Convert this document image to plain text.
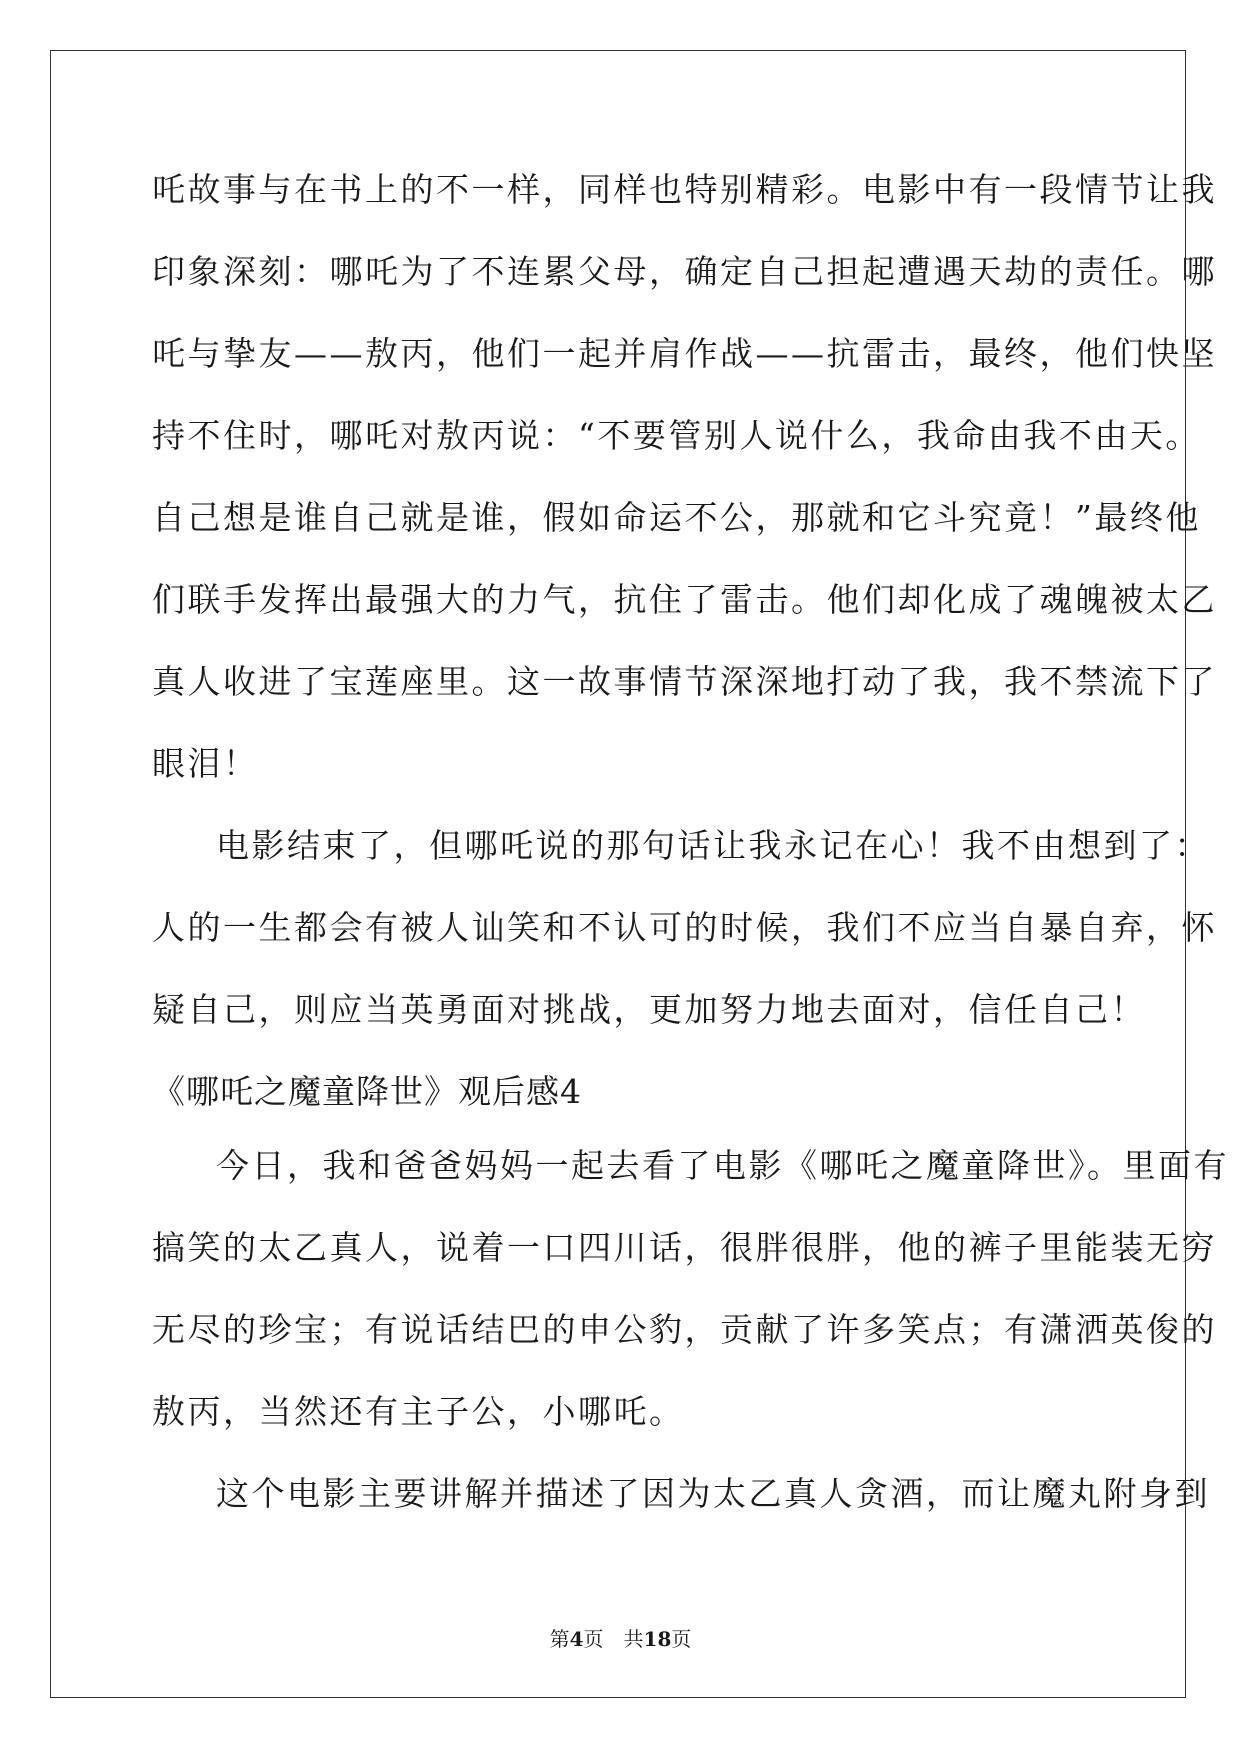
吒故事与在书上的不一样，同样也特别精彩。电影中有一段情节让我
印象深刻：哪吒为了不连累父母，确定自己担起遭遇天劫的责任。哪
吒与挚友——敖丙，他们一起并肩作战——抗雷击，最终，他们快坚
持不住时，哪吒对敖丙说：“不要管别人说什么，我命由我不由天。
自己想是谁自己就是谁，假如命运不公，那就和它斗究竟！”最终他
们联手发挥出最强大的力气，抗住了雷击。他们却化成了魂魄被太乙
真人收进了宝莲座里。这一故事情节深深地打动了我，我不禁流下了
眼泪！
电影结束了，但哪吒说的那句话让我永记在心！我不由想到了：
人的一生都会有被人讪笑和不认可的时候，我们不应当自暴自弃，怀
疑自己，则应当英勇面对挑战，更加努力地去面对，信任自己！
《哪吒之魔童降世》观后感4
今日，我和爸爸妈妈一起去看了电影《哪吒之魔童降世》。里面有
搞笑的太乙真人，说着一口四川话，很胖很胖，他的裤子里能装无穷
无尽的珍宝；有说话结巴的申公豹，贡献了许多笑点；有潇洒英俊的
敖丙，当然还有主子公，小哪吒。
这个电影主要讲解并描述了因为太乙真人贪酒，而让魔丸附身到
第4页 共18页
